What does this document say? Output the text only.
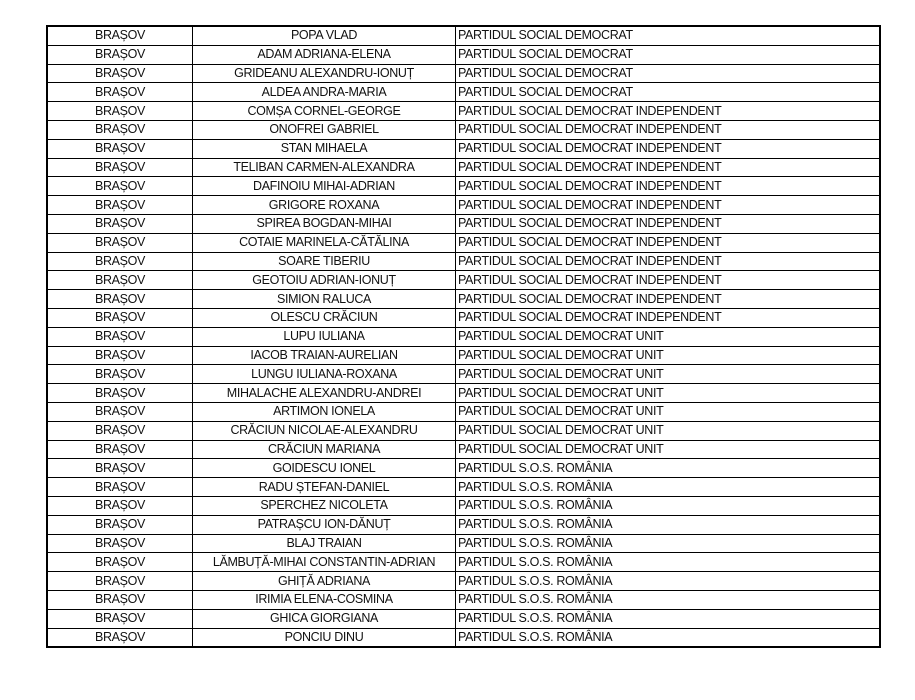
BRAȘOV	POPA VLAD	PARTIDUL SOCIAL DEMOCRAT
BRAȘOV	ADAM ADRIANA-ELENA	PARTIDUL SOCIAL DEMOCRAT
BRAȘOV	GRIDEANU ALEXANDRU-IONUȚ	PARTIDUL SOCIAL DEMOCRAT
BRAȘOV	ALDEA ANDRA-MARIA	PARTIDUL SOCIAL DEMOCRAT
BRAȘOV	COMȘA CORNEL-GEORGE	PARTIDUL SOCIAL DEMOCRAT INDEPENDENT
BRAȘOV	ONOFREI GABRIEL	PARTIDUL SOCIAL DEMOCRAT INDEPENDENT
BRAȘOV	STAN MIHAELA	PARTIDUL SOCIAL DEMOCRAT INDEPENDENT
BRAȘOV	TELIBAN CARMEN-ALEXANDRA	PARTIDUL SOCIAL DEMOCRAT INDEPENDENT
BRAȘOV	DAFINOIU MIHAI-ADRIAN	PARTIDUL SOCIAL DEMOCRAT INDEPENDENT
BRAȘOV	GRIGORE ROXANA	PARTIDUL SOCIAL DEMOCRAT INDEPENDENT
BRAȘOV	SPIREA BOGDAN-MIHAI	PARTIDUL SOCIAL DEMOCRAT INDEPENDENT
BRAȘOV	COTAIE MARINELA-CĂTĂLINA	PARTIDUL SOCIAL DEMOCRAT INDEPENDENT
BRAȘOV	SOARE TIBERIU	PARTIDUL SOCIAL DEMOCRAT INDEPENDENT
BRAȘOV	GEOTOIU ADRIAN-IONUȚ	PARTIDUL SOCIAL DEMOCRAT INDEPENDENT
BRAȘOV	SIMION RALUCA	PARTIDUL SOCIAL DEMOCRAT INDEPENDENT
BRAȘOV	OLESCU CRĂCIUN	PARTIDUL SOCIAL DEMOCRAT INDEPENDENT
BRAȘOV	LUPU IULIANA	PARTIDUL SOCIAL DEMOCRAT UNIT
BRAȘOV	IACOB TRAIAN-AURELIAN	PARTIDUL SOCIAL DEMOCRAT UNIT
BRAȘOV	LUNGU IULIANA-ROXANA	PARTIDUL SOCIAL DEMOCRAT UNIT
BRAȘOV	MIHALACHE ALEXANDRU-ANDREI	PARTIDUL SOCIAL DEMOCRAT UNIT
BRAȘOV	ARTIMON IONELA	PARTIDUL SOCIAL DEMOCRAT UNIT
BRAȘOV	CRĂCIUN NICOLAE-ALEXANDRU	PARTIDUL SOCIAL DEMOCRAT UNIT
BRAȘOV	CRĂCIUN MARIANA	PARTIDUL SOCIAL DEMOCRAT UNIT
BRAȘOV	GOIDESCU IONEL	PARTIDUL S.O.S. ROMÂNIA
BRAȘOV	RADU ȘTEFAN-DANIEL	PARTIDUL S.O.S. ROMÂNIA
BRAȘOV	SPERCHEZ NICOLETA	PARTIDUL S.O.S. ROMÂNIA
BRAȘOV	PATRAȘCU ION-DĂNUȚ	PARTIDUL S.O.S. ROMÂNIA
BRAȘOV	BLAJ TRAIAN	PARTIDUL S.O.S. ROMÂNIA
BRAȘOV	LĂMBUȚĂ-MIHAI CONSTANTIN-ADRIAN	PARTIDUL S.O.S. ROMÂNIA
BRAȘOV	GHIȚĂ ADRIANA	PARTIDUL S.O.S. ROMÂNIA
BRAȘOV	IRIMIA ELENA-COSMINA	PARTIDUL S.O.S. ROMÂNIA
BRAȘOV	GHICA GIORGIANA	PARTIDUL S.O.S. ROMÂNIA
BRAȘOV	PONCIU DINU	PARTIDUL S.O.S. ROMÂNIA
